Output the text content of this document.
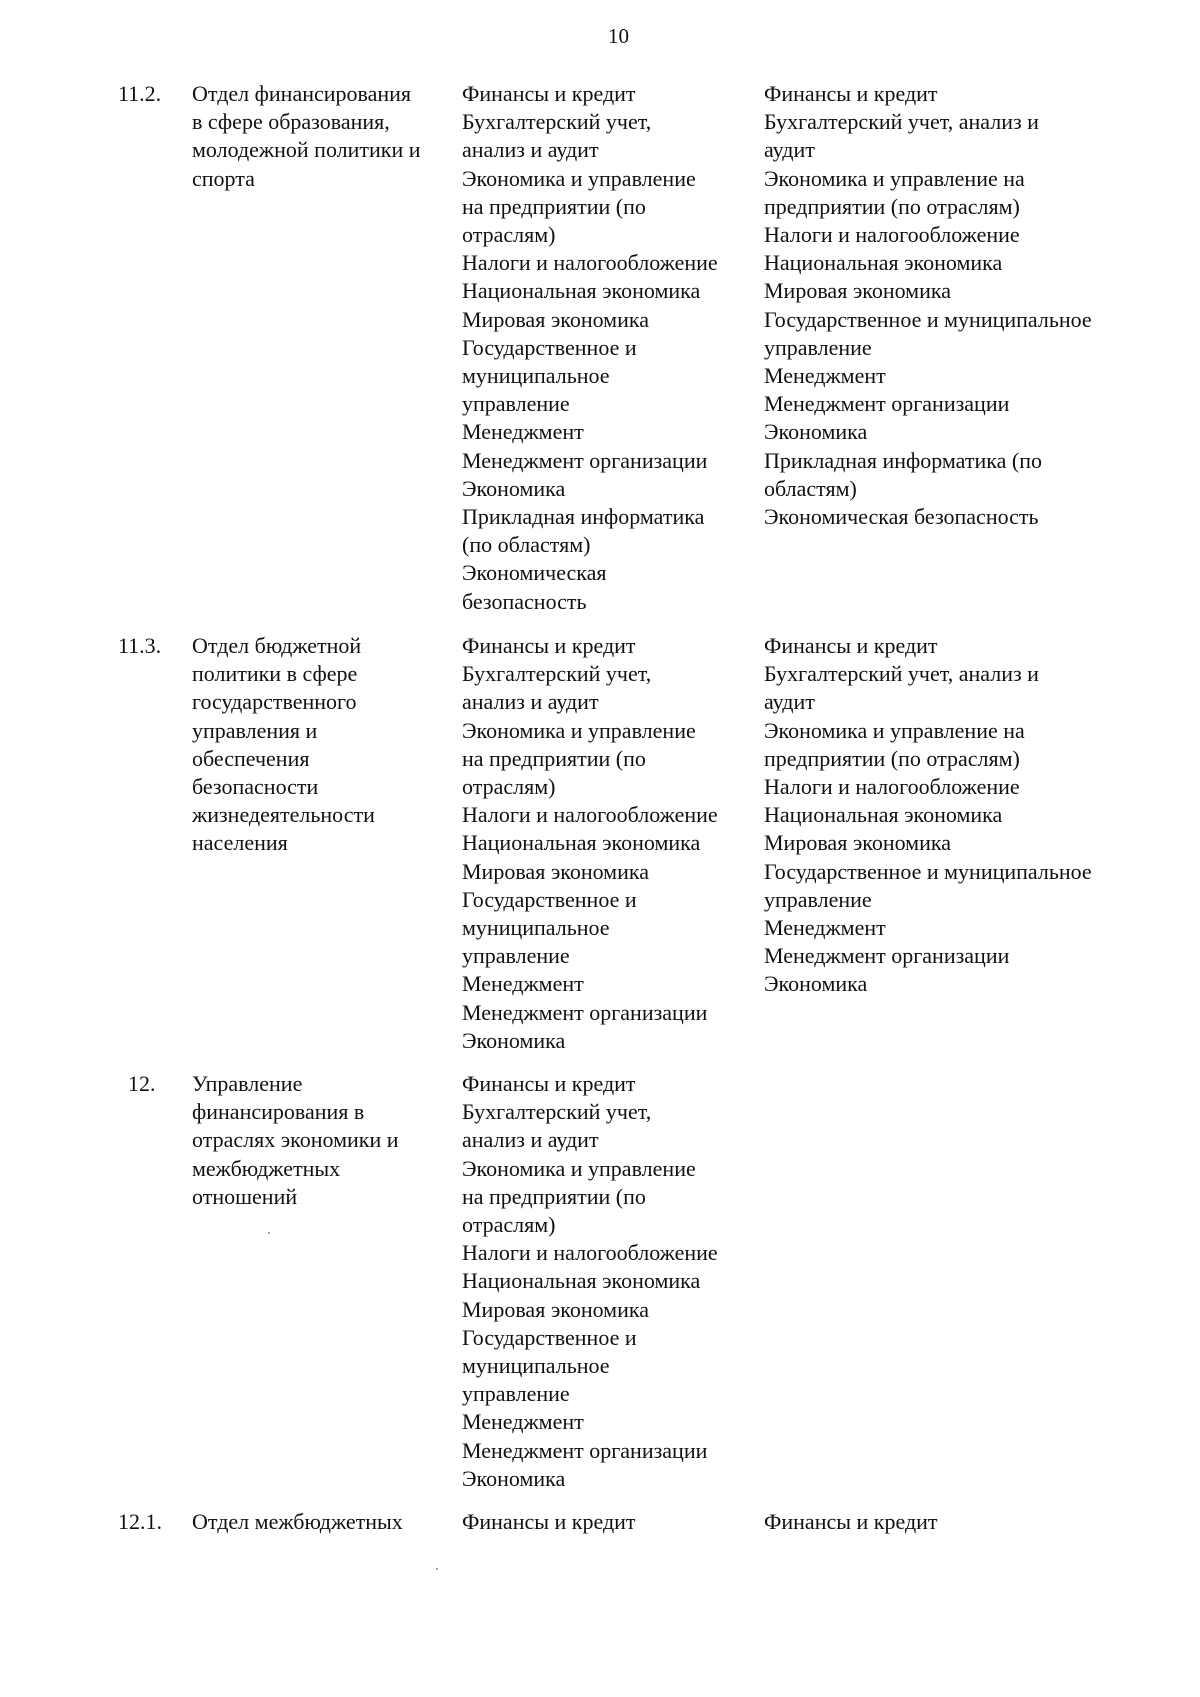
10
11.2. Отдел финансирования
в сфере образования,
молодежной политики и
спорта
Финансы и кредит
Бухгалтерский учет,
анализ и аудит
Экономика и управление
на предприятии (по
отраслям)
Налоги и налогообложение
Национальная экономика
Мировая экономика
Государственное и
муниципальное
управление
Менеджмент
Менеджмент организации
Экономика
Прикладная информатика
(по областям)
Экономическая
безопасность
Финансы и кредит
Бухгалтерский учет, анализ и
аудит
Экономика и управление на
предприятии (по отраслям)
Налоги и налогообложение
Национальная экономика
Мировая экономика
Государственное и муниципальное
управление
Менеджмент
Менеджмент организации
Экономика
Прикладная информатика (по
областям)
Экономическая безопасность
11.3. Отдел бюджетной
политики в сфере
государственного
управления и
обеспечения
безопасности
жизнедеятельности
населения
Финансы и кредит
Бухгалтерский учет,
анализ и аудит
Экономика и управление
на предприятии (по
отраслям)
Налоги и налогообложение
Национальная экономика
Мировая экономика
Государственное и
муниципальное
управление
Менеджмент
Менеджмент организации
Экономика
Финансы и кредит
Бухгалтерский учет, анализ и
аудит
Экономика и управление на
предприятии (по отраслям)
Налоги и налогообложение
Национальная экономика
Мировая экономика
Государственное и муниципальное
управление
Менеджмент
Менеджмент организации
Экономика
12. Управление
финансирования в
отраслях экономики и
межбюджетных
отношений
Финансы и кредит
Бухгалтерский учет,
анализ и аудит
Экономика и управление
на предприятии (по
отраслям)
Налоги и налогообложение
Национальная экономика
Мировая экономика
Государственное и
муниципальное
управление
Менеджмент
Менеджмент организации
Экономика
12.1. Отдел межбюджетных	Финансы и кредит	Финансы и кредит
